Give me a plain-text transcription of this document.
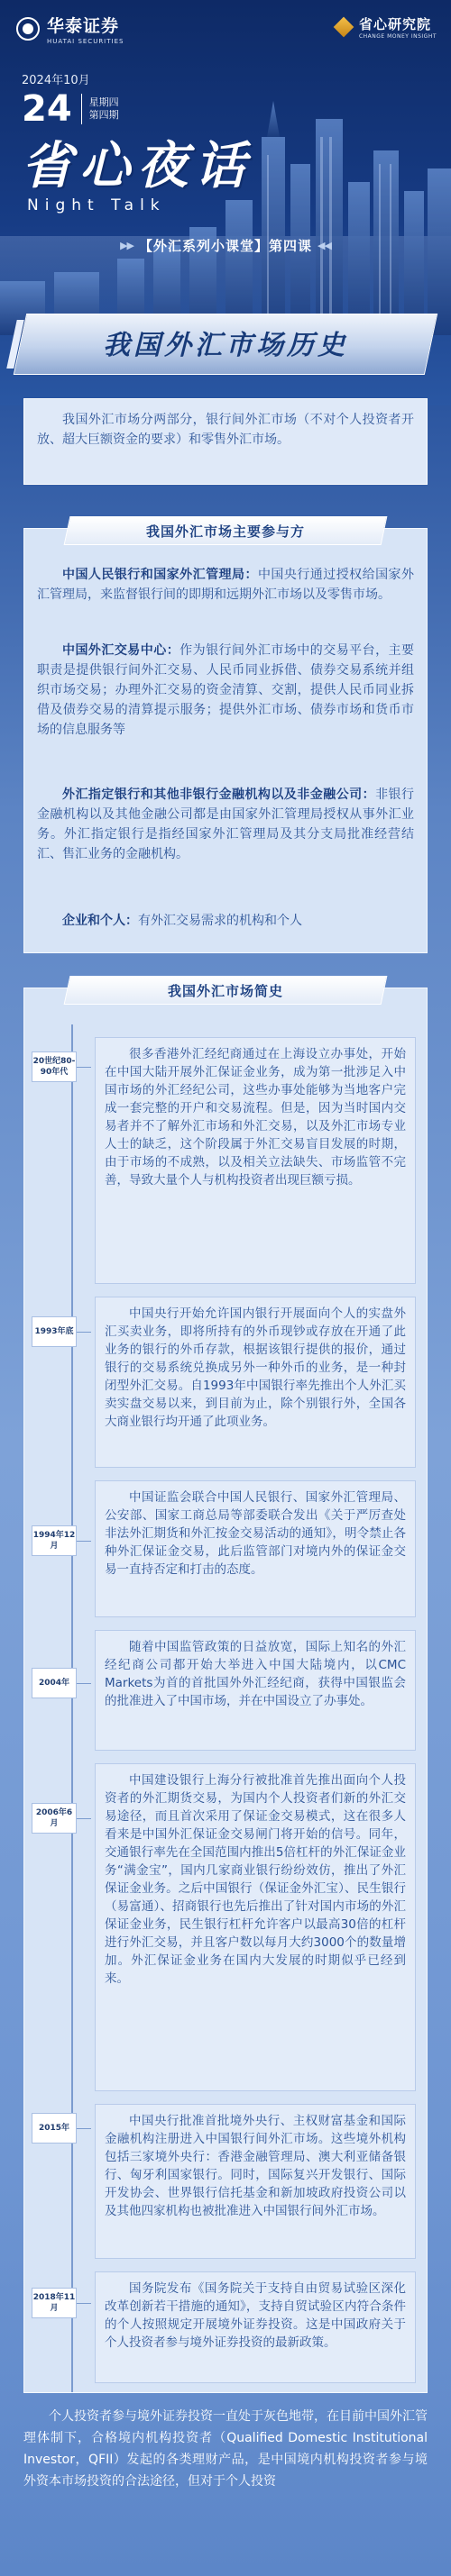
华泰证券
HUATAI SECURITIES
省心研究院
CHANGE MONEY INSIGHT
2024年10月
24 星期四
第四期
省心夜话
Night Talk
▶▶ 【外汇系列小课堂】第四课 ◀◀
我国外汇市场历史

我国外汇市场分两部分，银行间外汇市场（不对个人投资者开放、超大巨额资金的要求）和零售外汇市场。

我国外汇市场主要参与方
中国人民银行和国家外汇管理局：中国央行通过授权给国家外汇管理局，来监督银行间的即期和远期外汇市场以及零售市场。
中国外汇交易中心：作为银行间外汇市场中的交易平台，主要职责是提供银行间外汇交易、人民币同业拆借、债券交易系统并组织市场交易；办理外汇交易的资金清算、交割，提供人民币同业拆借及债券交易的清算提示服务；提供外汇市场、债券市场和货币市场的信息服务等
外汇指定银行和其他非银行金融机构以及非金融公司：非银行金融机构以及其他金融公司都是由国家外汇管理局授权从事外汇业务。外汇指定银行是指经国家外汇管理局及其分支局批准经营结汇、售汇业务的金融机构。
企业和个人：有外汇交易需求的机构和个人
我国外汇市场简史
20世纪80-90年代
很多香港外汇经纪商通过在上海设立办事处，开始在中国大陆开展外汇保证金业务，成为第一批涉足入中国市场的外汇经纪公司，这些办事处能够为当地客户完成一套完整的开户和交易流程。但是，因为当时国内交易者并不了解外汇市场和外汇交易，以及外汇市场专业人士的缺乏，这个阶段属于外汇交易盲目发展的时期，由于市场的不成熟，以及相关立法缺失、市场监管不完善，导致大量个人与机构投资者出现巨额亏损。
1993年底
中国央行开始允许国内银行开展面向个人的实盘外汇买卖业务，即将所持有的外币现钞或存放在开通了此业务的银行的外币存款，根据该银行提供的报价，通过银行的交易系统兑换成另外一种外币的业务，是一种封闭型外汇交易。自1993年中国银行率先推出个人外汇买卖实盘交易以来，到目前为止，除个别银行外，全国各大商业银行均开通了此项业务。
1994年12月
中国证监会联合中国人民银行、国家外汇管理局、公安部、国家工商总局等部委联合发出《关于严厉查处非法外汇期货和外汇按金交易活动的通知》，明令禁止各种外汇保证金交易，此后监管部门对境内外的保证金交易一直持否定和打击的态度。
2004年
随着中国监管政策的日益放宽，国际上知名的外汇经纪商公司都开始大举进入中国大陆境内，以CMC Markets为首的首批国外外汇经纪商，获得中国银监会的批准进入了中国市场，并在中国设立了办事处。
2006年6月
中国建设银行上海分行被批准首先推出面向个人投资者的外汇期货交易，为国内个人投资者们新的外汇交易途径，而且首次采用了保证金交易模式，这在很多人看来是中国外汇保证金交易闸门将开始的信号。同年，交通银行率先在全国范围内推出5倍杠杆的外汇保证金业务“满金宝”，国内几家商业银行纷纷效仿，推出了外汇保证金业务。之后中国银行（保证金外汇宝）、民生银行（易富通）、招商银行也先后推出了针对国内市场的外汇保证金业务，民生银行杠杆允许客户以最高30倍的杠杆进行外汇交易，并且客户数以每月大约3000个的数量增加。外汇保证金业务在国内大发展的时期似乎已经到来。
2015年	中国央行批准首批境外央行、主权财富基金和国际金融机构注册进入中国银行间外汇市场。这些境外机构包括三家境外央行：香港金融管理局、澳大利亚储备银行、匈牙利国家银行。同时，国际复兴开发银行、国际开发协会、世界银行信托基金和新加坡政府投资公司以及其他四家机构也被批准进入中国银行间外汇市场。
2018年11月
国务院发布《国务院关于支持自由贸易试验区深化改革创新若干措施的通知》，支持自贸试验区内符合条件的个人按照规定开展境外证券投资。这是中国政府关于个人投资者参与境外证券投资的最新政策。
个人投资者参与境外证券投资一直处于灰色地带，在目前中国外汇管理体制下，合格境内机构投资者（Qualified Domestic Institutional Investor，QFII）发起的各类理财产品，是中国境内机构投资者参与境外资本市场投资的合法途径，但对于个人投资
